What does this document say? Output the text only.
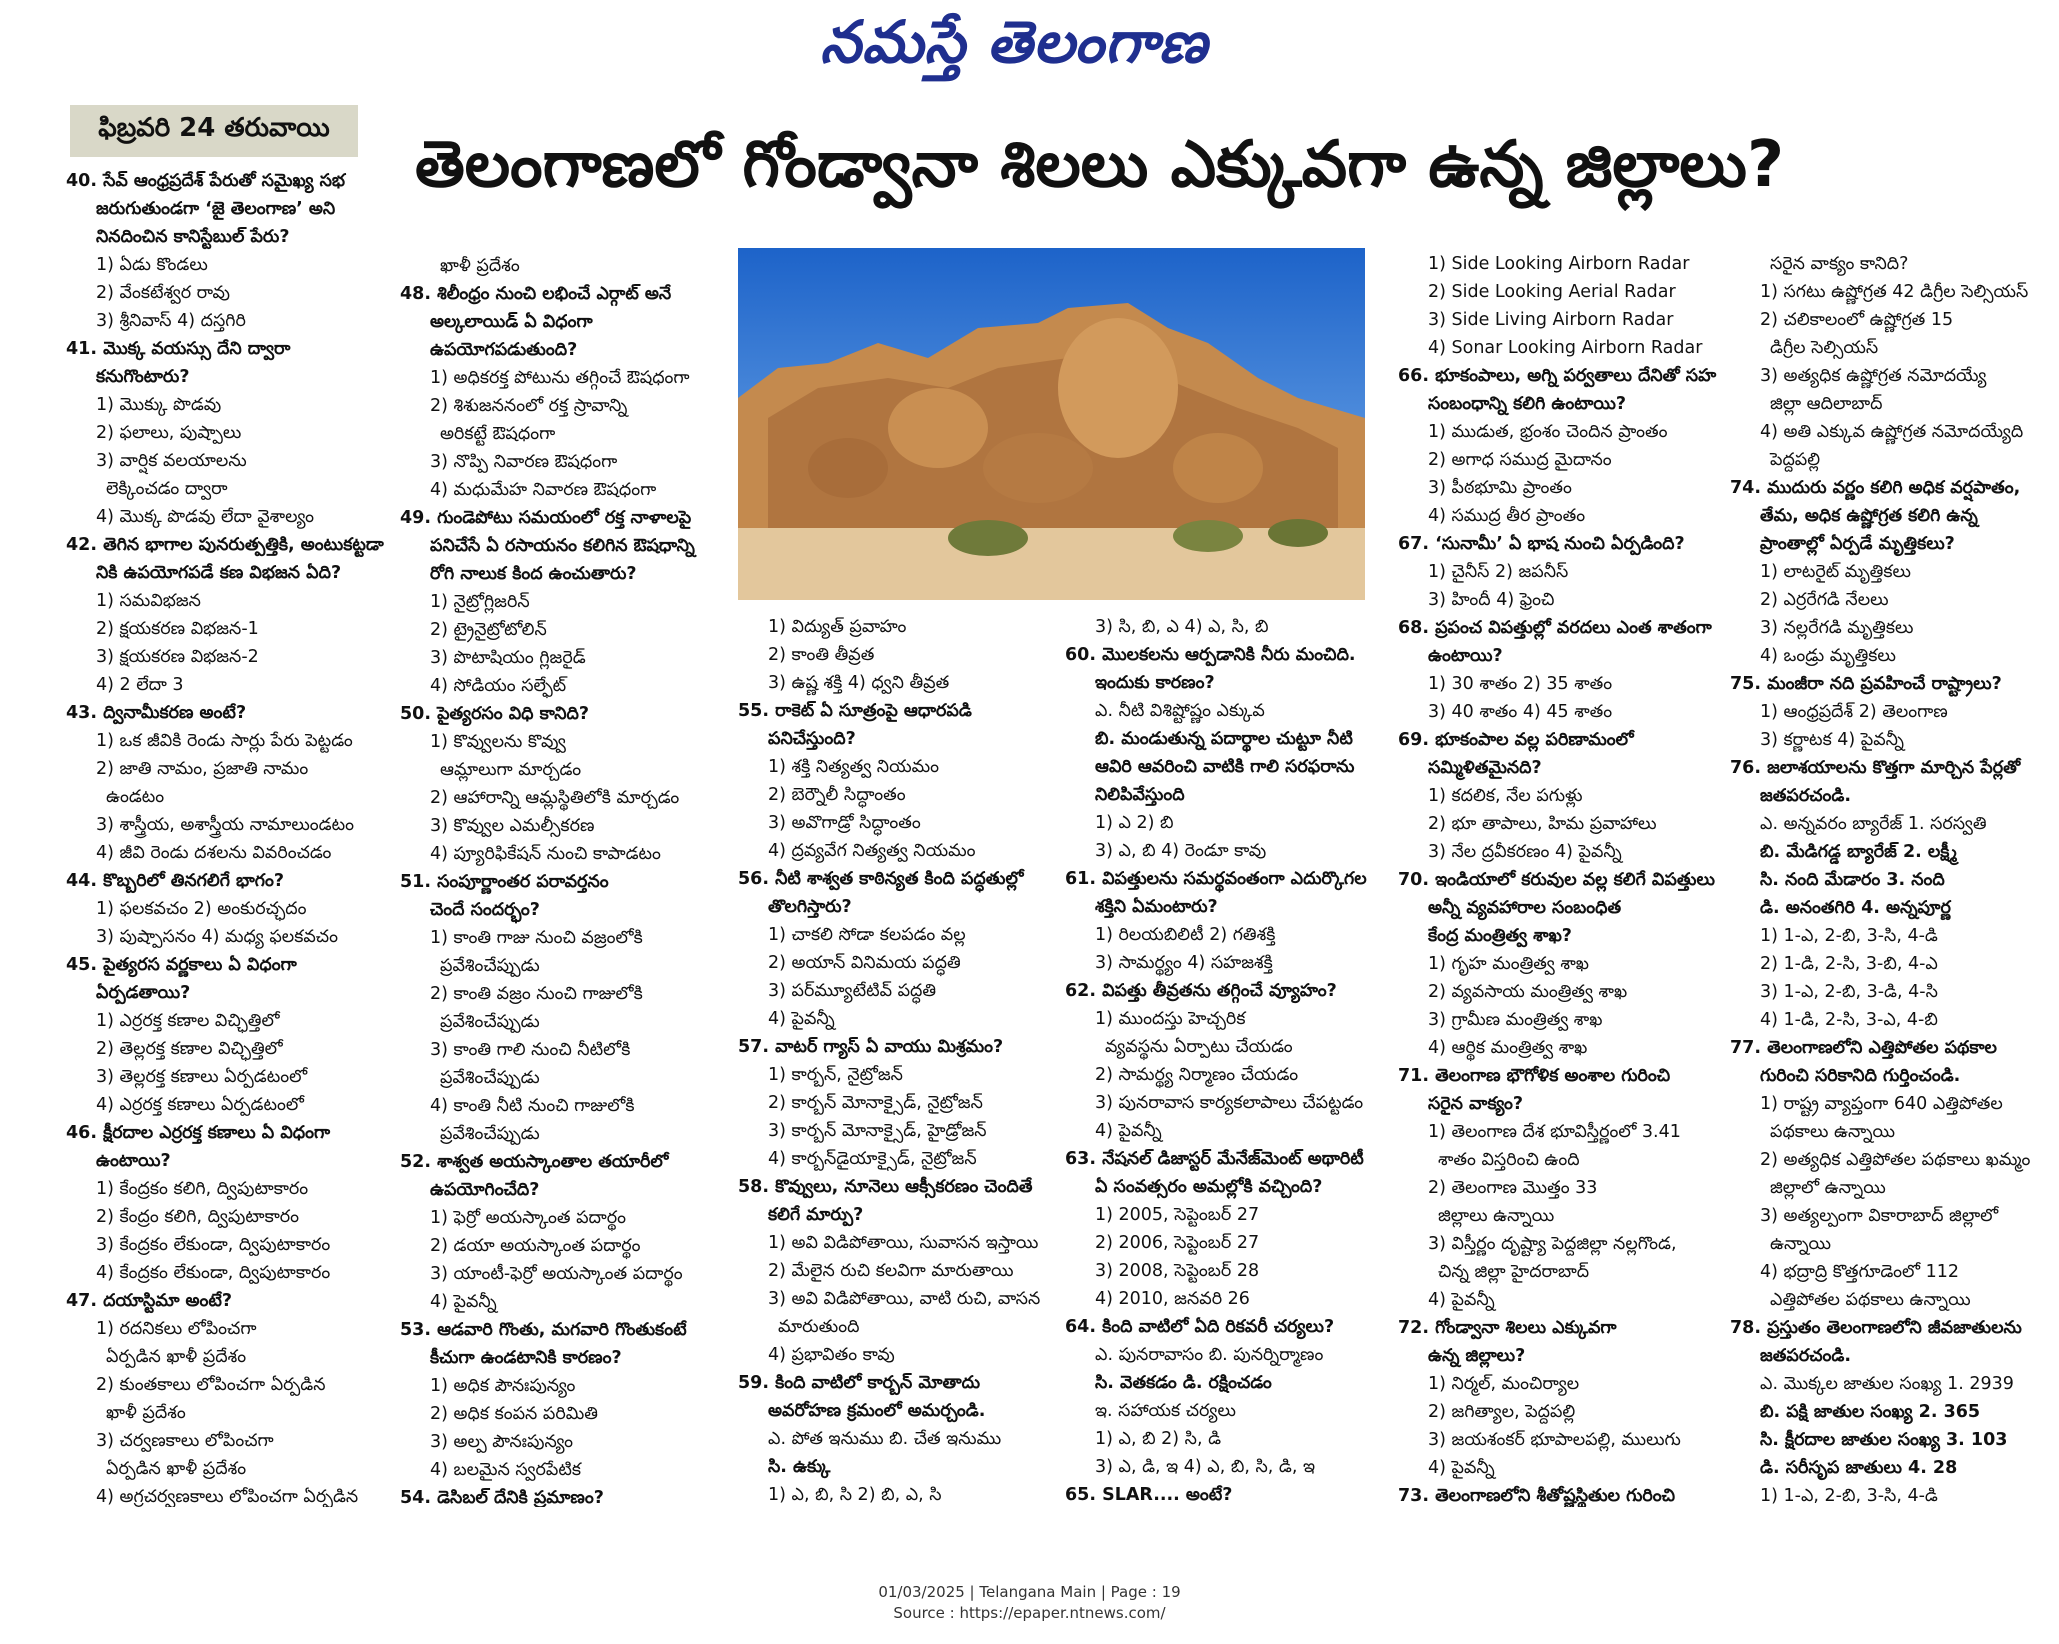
నమస్తే తెలంగాణ
ఫిబ్రవరి 24 తరువాయి	తెలంగాణలో గోండ్వానా శిలలు ఎక్కువగా ఉన్న జిల్లాలు?
40. సేవ్ ఆంధ్రప్రదేశ్ పేరుతో సమైఖ్య సభ
జరుగుతుండగా ‘జై తెలంగాణ’ అని
నినదించిన కానిస్టేబుల్ పేరు?
1) ఏడు కొండలు
2) వేంకటేశ్వర రావు
3) శ్రీనివాస్ 4) దస్తగిరి
41. మొక్క వయస్సు దేని ద్వారా
కనుగొంటారు?
1) మొక్కు పొడవు
2) ఫలాలు, పుష్పాలు
3) వార్షిక వలయాలను
లెక్కించడం ద్వారా
4) మొక్క పొడవు లేదా వైశాల్యం
42. తెగిన భాగాల పునరుత్పత్తికి, అంటుకట్టడా
నికి ఉపయోగపడే కణ విభజన ఏది?
1) సమవిభజన
2) క్షయకరణ విభజన-1
3) క్షయకరణ విభజన-2
4) 2 లేదా 3
43. ద్వినామీకరణ అంటే?
1) ఒక జీవికి రెండు సార్లు పేరు పెట్టడం
2) జాతి నామం, ప్రజాతి నామం
ఉండటం
3) శాస్త్రీయ, అశాస్త్రీయ నామాలుండటం
4) జీవి రెండు దశలను వివరించడం
44. కొబ్బరిలో తినగలిగే భాగం?
1) ఫలకవచం 2) అంకురచ్ఛదం
3) పుష్పాసనం 4) మధ్య ఫలకవచం
45. పైత్యరస వర్ణకాలు ఏ విధంగా
ఏర్పడతాయి?
1) ఎర్రరక్త కణాల విచ్ఛిత్తిలో
2) తెల్లరక్త కణాల విచ్ఛిత్తిలో
3) తెల్లరక్త కణాలు ఏర్పడటంలో
4) ఎర్రరక్త కణాలు ఏర్పడటంలో
46. క్షీరదాల ఎర్రరక్త కణాలు ఏ విధంగా
ఉంటాయి?
1) కేంద్రకం కలిగి, ద్విపుటాకారం
2) కేంద్రం కలిగి, ద్విపుటాకారం
3) కేంద్రకం లేకుండా, ద్విపుటాకారం
4) కేంద్రకం లేకుండా, ద్విపుటాకారం
47. దయాస్టిమా అంటే?
1) రదనికలు లోపించగా
ఏర్పడిన ఖాళీ ప్రదేశం
2) కుంతకాలు లోపించగా ఏర్పడిన
ఖాళీ ప్రదేశం
3) చర్వణకాలు లోపించగా
ఏర్పడిన ఖాళీ ప్రదేశం
4) అగ్రచర్వణకాలు లోపించగా ఏర్పడిన
ఖాళీ ప్రదేశం
48. శిలీంధ్రం నుంచి లభించే ఎర్గాట్ అనే
అల్కలాయిడ్ ఏ విధంగా
ఉపయోగపడుతుంది?
1) అధికరక్త పోటును తగ్గించే ఔషధంగా
2) శిశుజననంలో రక్త స్రావాన్ని
అరికట్టే ఔషధంగా
3) నొప్పి నివారణ ఔషధంగా
4) మధుమేహ నివారణ ఔషధంగా
49. గుండెపోటు సమయంలో రక్త నాళాలపై
పనిచేసే ఏ రసాయనం కలిగిన ఔషధాన్ని
రోగి నాలుక కింద ఉంచుతారు?
1) నైట్రోగ్లిజరిన్
2) ట్రైనైట్రోటోలిన్
3) పొటాషియం గ్లిజరైడ్
4) సోడియం సల్ఫేట్
50. పైత్యరసం విధి కానిది?
1) కొవ్వులను కొవ్వు
ఆమ్లాలుగా మార్చడం
2) ఆహారాన్ని ఆమ్లస్థితిలోకి మార్చడం
3) కొవ్వుల ఎమల్సీకరణ
4) ప్యూరిఫికేషన్ నుంచి కాపాడటం
51. సంపూర్ణాంతర పరావర్తనం
చెందే సందర్భం?
1) కాంతి గాజు నుంచి వజ్రంలోకి
ప్రవేశించేప్పుడు
2) కాంతి వజ్రం నుంచి గాజులోకి
ప్రవేశించేప్పుడు
3) కాంతి గాలి నుంచి నీటిలోకి
ప్రవేశించేప్పుడు
4) కాంతి నీటి నుంచి గాజులోకి
ప్రవేశించేప్పుడు
52. శాశ్వత అయస్కాంతాల తయారీలో
ఉపయోగించేది?
1) ఫెర్రో అయస్కాంత పదార్థం
2) డయా అయస్కాంత పదార్థం
3) యాంటీ-ఫెర్రో అయస్కాంత పదార్థం
4) పైవన్నీ
53. ఆడవారి గొంతు, మగవారి గొంతుకంటే
కీచుగా ఉండటానికి కారణం?
1) అధిక పౌనఃపున్యం
2) అధిక కంపన పరిమితి
3) అల్ప పౌనఃపున్యం
4) బలమైన స్వరపేటిక
54. డెసిబల్ దేనికి ప్రమాణం?
1) విద్యుత్ ప్రవాహం
2) కాంతి తీవ్రత
3) ఉష్ణ శక్తి 4) ధ్వని తీవ్రత
55. రాకెట్ ఏ సూత్రంపై ఆధారపడి
పనిచేస్తుంది?
1) శక్తి నిత్యత్వ నియమం
2) బెర్నౌలీ సిద్ధాంతం
3) అవొగాడ్రో సిద్ధాంతం
4) ద్రవ్యవేగ నిత్యత్వ నియమం
56. నీటి శాశ్వత కాఠిన్యత కింది పద్ధతుల్లో
తొలగిస్తారు?
1) చాకలి సోడా కలపడం వల్ల
2) అయాన్ వినిమయ పద్ధతి
3) పర్‌మ్యూటేటివ్ పద్ధతి
4) పైవన్నీ
57. వాటర్ గ్యాస్ ఏ వాయు మిశ్రమం?
1) కార్బన్, నైట్రోజన్
2) కార్బన్ మోనాక్సైడ్, నైట్రోజన్
3) కార్బన్ మోనాక్సైడ్, హైడ్రోజన్
4) కార్బన్‌డైయాక్సైడ్, నైట్రోజన్
58. కొవ్వులు, నూనెలు ఆక్సీకరణం చెందితే
కలిగే మార్పు?
1) అవి విడిపోతాయి, సువాసన ఇస్తాయి
2) మేలైన రుచి కలవిగా మారుతాయి
3) అవి విడిపోతాయి, వాటి రుచి, వాసన
మారుతుంది
4) ప్రభావితం కావు
59. కింది వాటిలో కార్బన్ మోతాదు
అవరోహణ క్రమంలో అమర్చండి.
ఎ. పోత ఇనుము బి. చేత ఇనుము
సి. ఉక్కు
1) ఎ, బి, సి 2) బి, ఎ, సి
3) సి, బి, ఎ 4) ఎ, సి, బి
60. మొలకలను ఆర్పడానికి నీరు మంచిది.
ఇందుకు కారణం?
ఎ. నీటి విశిష్టోష్ణం ఎక్కువ
బి. మండుతున్న పదార్థాల చుట్టూ నీటి
ఆవిరి ఆవరించి వాటికి గాలి సరఫరాను
నిలిపివేస్తుంది
1) ఎ 2) బి
3) ఎ, బి 4) రెండూ కావు
61. విపత్తులను సమర్థవంతంగా ఎదుర్కొగల
శక్తిని ఏమంటారు?
1) రిలయబిలిటీ 2) గతిశక్తి
3) సామర్థ్యం 4) సహజశక్తి
62. విపత్తు తీవ్రతను తగ్గించే వ్యూహం?
1) ముందస్తు హెచ్చరిక
వ్యవస్థను ఏర్పాటు చేయడం
2) సామర్థ్య నిర్మాణం చేయడం
3) పునరావాస కార్యకలాపాలు చేపట్టడం
4) పైవన్నీ
63. నేషనల్ డిజాస్టర్ మేనేజ్‌మెంట్ అథారిటీ
ఏ సంవత్సరం అమల్లోకి వచ్చింది?
1) 2005, సెప్టెంబర్ 27
2) 2006, సెప్టెంబర్ 27
3) 2008, సెప్టెంబర్ 28
4) 2010, జనవరి 26
64. కింది వాటిలో ఏది రికవరీ చర్యలు?
ఎ. పునరావాసం బి. పునర్నిర్మాణం
సి. వెతకడం డి. రక్షించడం
ఇ. సహాయక చర్యలు
1) ఎ, బి 2) సి, డి
3) ఎ, డి, ఇ 4) ఎ, బి, సి, డి, ఇ
65. SLAR.... అంటే?
1) Side Looking Airborn Radar
2) Side Looking Aerial Radar
3) Side Living Airborn Radar
4) Sonar Looking Airborn Radar
66. భూకంపాలు, అగ్ని పర్వతాలు దేనితో సహ
సంబంధాన్ని కలిగి ఉంటాయి?
1) ముడుత, భ్రంశం చెందిన ప్రాంతం
2) అగాధ సముద్ర మైదానం
3) పీఠభూమి ప్రాంతం
4) సముద్ర తీర ప్రాంతం
67. ‘సునామీ’ ఏ భాష నుంచి ఏర్పడింది?
1) చైనీస్ 2) జపనీస్
3) హిందీ 4) ఫ్రెంచి
68. ప్రపంచ విపత్తుల్లో వరదలు ఎంత శాతంగా
ఉంటాయి?
1) 30 శాతం 2) 35 శాతం
3) 40 శాతం 4) 45 శాతం
69. భూకంపాల వల్ల పరిణామంలో
సమ్మిళితమైనది?
1) కదలిక, నేల పగుళ్లు
2) భూ తాపాలు, హిమ ప్రవాహాలు
3) నేల ద్రవీకరణం 4) పైవన్నీ
70. ఇండియాలో కరువుల వల్ల కలిగే విపత్తులు
అన్నీ వ్యవహారాల సంబంధిత
కేంద్ర మంత్రిత్వ శాఖ?
1) గృహ మంత్రిత్వ శాఖ
2) వ్యవసాయ మంత్రిత్వ శాఖ
3) గ్రామీణ మంత్రిత్వ శాఖ
4) ఆర్థిక మంత్రిత్వ శాఖ
71. తెలంగాణ భౌగోళిక అంశాల గురించి
సరైన వాక్యం?
1) తెలంగాణ దేశ భూవిస్తీర్ణంలో 3.41
శాతం విస్తరించి ఉంది
2) తెలంగాణ మొత్తం 33
జిల్లాలు ఉన్నాయి
3) విస్తీర్ణం దృష్ట్యా పెద్దజిల్లా నల్లగొండ,
చిన్న జిల్లా హైదరాబాద్
4) పైవన్నీ
72. గోండ్వానా శిలలు ఎక్కువగా
ఉన్న జిల్లాలు?
1) నిర్మల్, మంచిర్యాల
2) జగిత్యాల, పెద్దపల్లి
3) జయశంకర్ భూపాలపల్లి, ములుగు
4) పైవన్నీ
73. తెలంగాణలోని శీతోష్ణస్థితుల గురించి
సరైన వాక్యం కానిది?
1) సగటు ఉష్ణోగ్రత 42 డిగ్రీల సెల్సియస్
2) చలికాలంలో ఉష్ణోగ్రత 15
డిగ్రీల సెల్సియస్
3) అత్యధిక ఉష్ణోగ్రత నమోదయ్యే
జిల్లా ఆదిలాబాద్
4) అతి ఎక్కువ ఉష్ణోగ్రత నమోదయ్యేది
పెద్దపల్లి
74. ముదురు వర్ణం కలిగి అధిక వర్షపాతం,
తేమ, అధిక ఉష్ణోగ్రత కలిగి ఉన్న
ప్రాంతాల్లో ఏర్పడే మృత్తికలు?
1) లాటరైట్ మృత్తికలు
2) ఎర్రరేగడి నేలలు
3) నల్లరేగడి మృత్తికలు
4) ఒండ్రు మృత్తికలు
75. మంజీరా నది ప్రవహించే రాష్ట్రాలు?
1) ఆంధ్రప్రదేశ్ 2) తెలంగాణ
3) కర్ణాటక 4) పైవన్నీ
76. జలాశయాలను కొత్తగా మార్చిన పేర్లతో
జతపరచండి.
ఎ. అన్నవరం బ్యారేజ్ 1. సరస్వతి
బి. మేడిగడ్డ బ్యారేజ్ 2. లక్ష్మీ
సి. నంది మేడారం 3. నంది
డి. అనంతగిరి 4. అన్నపూర్ణ
1) 1-ఎ, 2-బి, 3-సి, 4-డి
2) 1-డి, 2-సి, 3-బి, 4-ఎ
3) 1-ఎ, 2-బి, 3-డి, 4-సి
4) 1-డి, 2-సి, 3-ఎ, 4-బి
77. తెలంగాణలోని ఎత్తిపోతల పథకాల
గురించి సరికానిది గుర్తించండి.
1) రాష్ట్ర వ్యాప్తంగా 640 ఎత్తిపోతల
పథకాలు ఉన్నాయి
2) అత్యధిక ఎత్తిపోతల పథకాలు ఖమ్మం
జిల్లాలో ఉన్నాయి
3) అత్యల్పంగా వికారాబాద్ జిల్లాలో
ఉన్నాయి
4) భద్రాద్రి కొత్తగూడెంలో 112
ఎత్తిపోతల పథకాలు ఉన్నాయి
78. ప్రస్తుతం తెలంగాణలోని జీవజాతులను
జతపరచండి.
ఎ. మొక్కల జాతుల సంఖ్య 1. 2939
బి. పక్షి జాతుల సంఖ్య 2. 365
సి. క్షీరదాల జాతుల సంఖ్య 3. 103
డి. సరీసృప జాతులు 4. 28
1) 1-ఎ, 2-బి, 3-సి, 4-డి
01/03/2025 | Telangana Main | Page : 19
Source : https://epaper.ntnews.com/
